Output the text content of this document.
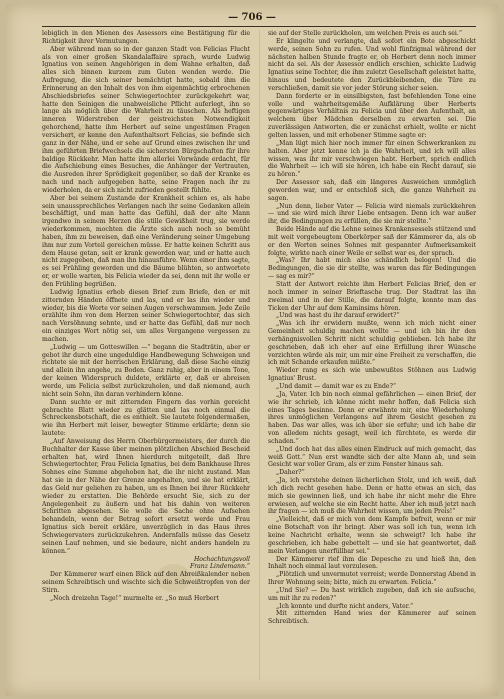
— 706 —

lebiglich in den Mienen des Assessors eine Bestätigung für die Richtigkeit ihrer Vermutungen.

Aber während man so in der ganzen Stadt von Felicias Flucht als von einer großen Skandalaffaire sprach, wurde Ludwig Ignatius von seinen Angehörigen in dem Wahne erhalten, daß alles sich binnen kurzem zum Guten wenden werde. Die Aufregung, die sich seiner bemächtigt hatte, sobald ihm die Erinnerung an den Inhalt des von ihm eigenmächtig erbrochenen Abschiedsbriefes seiner Schwiegertochter zurückgekehrt war, hatte den Seinigen die unabweisliche Pflicht auferlegt, ihn so lange als möglich über die Wahrheit zu täuschen. Als heftigen inneren Widerstreben der geistreichsten Notwendigkeit gehorchend, hatte ihm Herbert auf seine ungestümen Fragen versichert, er kenne den Aufenthaltsort Felicias, sie befinde sich ganz in der Nähe, und er sehe auf Grund eines zwischen ihr und ihm geführten Briefwechsels die sichersten Bürgschaften für ihre baldige Rückkehr. Man hatte ihm allerlei Vorwände erdacht, für die Aufschiebung eines Besuches, die Anhänger der Vertrauten, die Ausreden ihrer Sprödigkeit gegenüber, so daß der Kranke es nach und nach aufgegeben hatte, seine Fragen nach ihr zu wiederholen, da er sich nicht zufrieden gestellt fühlte.

Aber bei seinem Zustande der Krankheit schien es, als habe sein unaussprechliches Verlangen nach ihr seine Gedanken allein beschäftigt, und man hatte das Gefühl, daß der alte Mann irgendwo in seinem Herzen die stille Gewißheit trug, sie werde wiederkommen, mochten die Ärzte sich auch noch so bemüht haben, ihm zu beweisen, daß eine Veränderung seiner Umgebung ihm nur zum Vorteil gereichen müsse. Er hatte keinen Schritt aus dem Hause getan, seit er krank geworden war, und er hatte auch nicht zugegeben, daß man ihn hinausführe. Wenn einer ihm sagte, es sei Frühling geworden und die Bäume blühten, so antwortete er, er wolle warten, bis Felicia wieder da sei, denn mit ihr wolle er den Frühling begrüßen.

Ludwig Ignatius erhob diesen Brief zum Briefe, den er mit zitternden Händen öffnete und las, und er las ihn wieder und wieder, bis die Worte vor seinen Augen verschwammen. Jede Zeile erzählte ihm von dem Herzen seiner Schwiegertochter, das sich nach Versöhnung sehnte, und er hatte das Gefühl, daß nur noch ein einziges Wort nötig sei, um alles Vergangene vergessen zu machen.

„Ludwig — um Gotteswillen —“ begann die Stadträtin, aber er gebot ihr durch eine ungeduldige Handbewegung Schweigen und richtete sie mit der herrischen Erklärung, daß diese Sache einzig und allein ihn angehe, zu Boden. Ganz ruhig, aber in einem Tone, der keinen Widerspruch duldete, erklärte er, daß er abreisen werde, um Felicia selbst zurückzuholen, und daß niemand, auch nicht sein Sohn, ihn daran verhindern könne.

Dann suchte er mit zitternden Fingern das vorhin gereicht gebrachte Blatt wieder zu glätten und las noch einmal die Schreckensbotschaft, die es enthielt. Sie lautete folgendermaßen, wie ihn Herbert mit leiser, bewegter Stimme erklärte; denn sie lautete:

„Auf Anweisung des Herrn Oberbürgermeisters, der durch die Buchhalter der Kasse über meinen plötzlichen Abschied Bescheid erhalten hat, wird Ihnen hierdurch mitgeteilt, daß Ihre Schwiegertochter, Frau Felicia Ignatius, bei dem Bankhause Ihres Sohnes eine Summe abgehoben hat, die ihr nicht zustand. Man hat sie in der Nähe der Grenze angehalten, und sie hat erklärt, das Geld nur geliehen zu haben, um es Ihnen bei ihrer Rückkehr wieder zu erstatten. Die Behörde ersucht Sie, sich zu der Angelegenheit zu äußern und hat bis dahin von weiteren Schritten abgesehen. Sie wolle die Sache ohne Aufsehen behandeln, wenn der Betrag sofort ersetzt werde und Frau Ignatius sich bereit erkläre, unverzüglich in das Haus ihres Schwiegervaters zurückzukehren. Andernfalls müsse das Gesetz seinen Lauf nehmen, und sie bedaure, nicht anders handeln zu können.“

Hochachtungsvoll

Franz Lindemann.“

Der Kämmerer warf einen Blick auf den Abreißkalender neben seinem Schreibtisch und wischte sich die Schweißtropfen von der Stirn.

„Noch dreizehn Tage!“ murmelte er. „So muß Herbert

sie auf der Stelle zurückholen, um welchen Preis es auch sei.“

Er klingelte und verlangte, daß sofort ein Bote abgeschickt werde, seinen Sohn zu rufen. Und wohl fünfzigmal während der nächsten halben Stunde fragte er, ob Herbert denn noch immer nicht da sei. Als der Assessor endlich erschien, schickte Ludwig Ignatius seine Tochter, die ihm zuletzt Gesellschaft geleistet hatte, hinaus und bedeutete den Zurückbleibenden, die Türe zu verschließen, damit sie vor jeder Störung sicher seien.

Dann forderte er in einsilbigsten, fast befehlenden Tone eine volle und wahrheitsgemäße Aufklärung über Herberts gegenwärtiges Verhältnis zu Felicia und über den Aufenthalt, an welchem über Mädchen derselben zu erwarten sei. Die zuverlässigen Antworten, die er zunächst erhielt, wollte er nicht gelten lassen, und mit erhobener Stimme sagte er:

„Man lügt mich hier noch immer für einen Schwerkranken zu halten. Aber jetzt kenne ich ja die Wahrheit, und ich will alles wissen, was ihr mir verschwiegen habt. Herbert, sprich endlich die Wahrheit — ich will sie hören, ich habe ein Recht darauf, sie zu hören.“

Der Assessor sah, daß ein längeres Ausweichen unmöglich geworden war, und er entschloß sich, die ganze Wahrheit zu sagen.

„Nun denn, lieber Vater — Felicia wird niemals zurückkehren — und sie wird mich ihrer Liebe entsagen. Denn ich war außer ihr, die Bedingungen zu erfüllen, die sie mir stellte.“

Beide Hände auf die Lehne seines Krankensessels stützend und mit weit vorgebeugtem Oberkörper saß der Kämmerer da, als ob er den Worten seines Sohnes mit gespannter Aufmerksamkeit folgte, wirkte nach einer Weile er selbst war es, der sprach.

„Was? Ihr habt mich also schändlich belogen! Und die Bedingungen, die sie dir stellte, was waren das für Bedingungen — sag es mir?“

Statt der Antwort reichte ihm Herbert Felicias Brief, den er noch immer in seiner Brieftasche trug. Der Stadtrat las ihn zweimal und in der Stille, die darauf folgte, konnte man das Ticken der Uhr auf dem Kaminsims hören.

„Und was hast du ihr darauf erwidert?“

„Was ich ihr erwidern mußte, wenn ich mich nicht einer Gemeinheit schuldig machen wollte — und ich bin ihr den verhängnisvollen Schritt nicht schuldig geblieben. Ich habe ihr geschrieben, daß ich eher auf eine Erfüllung ihrer Wünsche verzichten würde als mir, um mir eine Freiheit zu verschaffen, die ich mit Schande erkaufen müßte.“

Wieder rang es sich wie unbewußtes Stöhnen aus Ludwig Ignatius' Brust.

„Und damit — damit war es zu Ende?“

„Ja, Vater. Ich bin noch einmal gefährlichen — einen Brief, der wie ihr schrieb, ich könne nicht mehr hoffen, daß Felicia sich eines Tages besinne. Denn er erwähnte mir, eine Wiederholung ihres unmöglichen Verlangens auf ihrem Gesicht gesehen zu haben. Das war alles, was ich über sie erfuhr; und ich habe dir von alledem nichts gesagt, weil ich fürchtete, es werde dir schaden.“

„Und doch hat das alles einen Eindruck auf mich gemacht, das weiß Gott.“ Nun erst wandte sich der alte Mann ab, und sein Gesicht war voller Gram, als er zum Fenster hinaus sah.

„Daher?“

„Ja, ich verstehe deinen lächerlichen Stolz, und ich weiß, daß ich dich recht gesehen habe. Denn er hatte etwas an sich, das mich sie gewinnen ließ, und ich habe ihr nicht mehr die Ehre erwiesen, auf welche sie ein Recht hatte. Aber ich muß jetzt nach ihr fragen — ich muß die Wahrheit wissen, um jeden Preis!“

„Vielleicht, daß er mich von dem Kampfe befreit, wenn er mir eine Botschaft von ihr bringt. Aber was soll ich tun, wenn ich keine Nachricht erhalte, wenn sie schweigt? Ich habe ihr geschrieben, ich habe gebettelt — und sie hat geantwortet, daß mein Verlangen unerfüllbar sei.“

Der Kämmerer rief ihm die Depesche zu und hieß ihn, den Inhalt noch einmal laut vorzulesen.

„Plötzlich und unvermutet verreist; werde Donnerstag Abend in Ihrer Wohnung sein; bitte, mich zu erwarten. Felicia.“

„Und Sie? — Du hast wirklich zugeben, daß ich sie aufsuche, um mit ihr zu reden?“

„Ich konnte und durfte nicht anders, Vater.“

Mit zitternden Hand wies der Kämmerer auf seinen Schreibtisch.
